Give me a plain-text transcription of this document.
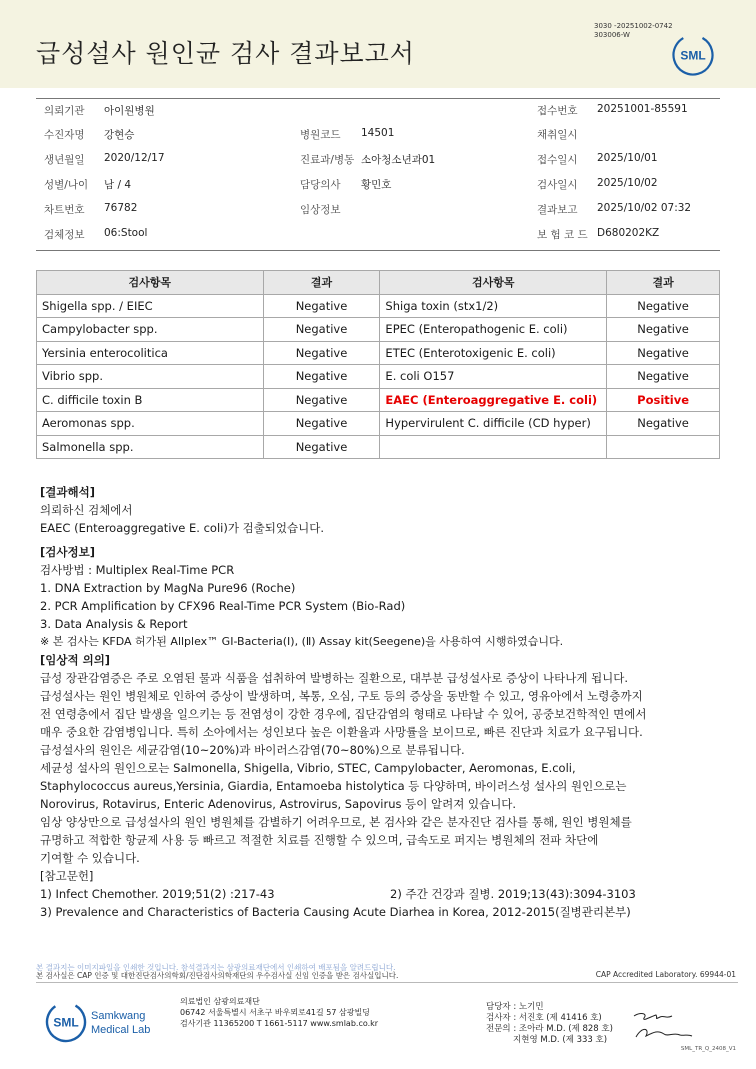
급성설사 원인균 검사 결과보고서
3030 -20251002-0742
303006-W
SML
의뢰기관 아이원병원	접수번호 20251001-85591
수진자명 강현승	병원코드 14501	채취일시
생년월일 2020/12/17	진료과/병동 소아청소년과01	접수일시 2025/10/01
성별/나이 남 / 4	담당의사 황민호	검사일시 2025/10/02
차트번호 76782	임상정보	결과보고 2025/10/02 07:32
검체정보 06:Stool	보 험 코 드 D680202KZ
검사항목	결과	검사항목	결과
Shigella spp. / EIEC	Negative	Shiga toxin (stx1/2)	Negative
Campylobacter spp.	Negative	EPEC (Enteropathogenic E. coli)	Negative
Yersinia enterocolitica	Negative	ETEC (Enterotoxigenic E. coli)	Negative
Vibrio spp.	Negative	E. coli O157	Negative
C. difficile toxin B	Negative	EAEC (Enteroaggregative E. coli)	Positive
Aeromonas spp.	Negative	Hypervirulent C. difficile (CD hyper)	Negative
Salmonella spp.	Negative		
[결과해석]
의뢰하신 검체에서
EAEC (Enteroaggregative E. coli)가 검출되었습니다.
[검사정보]
검사방법 : Multiplex Real-Time PCR
1. DNA Extraction by MagNa Pure96 (Roche)
2. PCR Amplification by CFX96 Real-Time PCR System (Bio-Rad)
3. Data Analysis & Report
※ 본 검사는 KFDA 허가된 Allplex™ GI-Bacteria(Ⅰ), (Ⅱ) Assay kit(Seegene)을 사용하여 시행하였습니다.
[임상적 의의]
급성 장관감염증은 주로 오염된 물과 식품을 섭취하여 발병하는 질환으로, 대부분 급성설사로 증상이 나타나게 됩니다.
급성설사는 원인 병원체로 인하여 증상이 발생하며, 복통, 오심, 구토 등의 증상을 동반할 수 있고, 영유아에서 노령층까지
전 연령층에서 집단 발생을 일으키는 등 전염성이 강한 경우에, 집단감염의 형태로 나타날 수 있어, 공중보건학적인 면에서
매우 중요한 감염병입니다. 특히 소아에서는 성인보다 높은 이환율과 사망률을 보이므로, 빠른 진단과 치료가 요구됩니다.
급성설사의 원인은 세균감염(10~20%)과 바이러스감염(70~80%)으로 분류됩니다.
세균성 설사의 원인으로는 Salmonella, Shigella, Vibrio, STEC, Campylobacter, Aeromonas, E.coli,
Staphylococcus aureus,Yersinia, Giardia, Entamoeba histolytica 등 다양하며, 바이러스성 설사의 원인으로는
Norovirus, Rotavirus, Enteric Adenovirus, Astrovirus, Sapovirus 등이 알려져 있습니다.
임상 양상만으로 급성설사의 원인 병원체를 감별하기 어려우므로, 본 검사와 같은 분자진단 검사를 통해, 원인 병원체를
규명하고 적합한 항균제 사용 등 빠르고 적절한 치료를 진행할 수 있으며, 급속도로 퍼지는 병원체의 전파 차단에
기여할 수 있습니다.
[참고문헌]
1) Infect Chemother. 2019;51(2) :217-43	2) 주간 건강과 질병. 2019;13(43):3094-3103
3) Prevalence and Characteristics of Bacteria Causing Acute Diarhea in Korea, 2012-2015(질병관리본부)
본 결과지는 이미지파일을 인쇄한 것입니다. 참석결과지는 삼광의료재단에서 인쇄하여 배포됨을 알려드립니다.
본 검사실은 CAP 인증 및 대한진단검사의학회/진단검사의학재단의 우수검사실 신임 인증을 받은 검사실입니다.	CAP Accredited Laboratory. 69944-01
SML Samkwang
Medical Lab
의료법인 삼광의료재단
06742 서울특별시 서초구 바우뫼로41길 57 삼광빌딩
검사기관 11365200 T 1661-5117 www.smlab.co.kr
담당자 : 노기민
검사자 : 서진호 (제 41416 호)
전문의 : 조아라 M.D. (제 828 호)
지현영 M.D. (제 333 호)
SML_TR_Q_2408_V1
